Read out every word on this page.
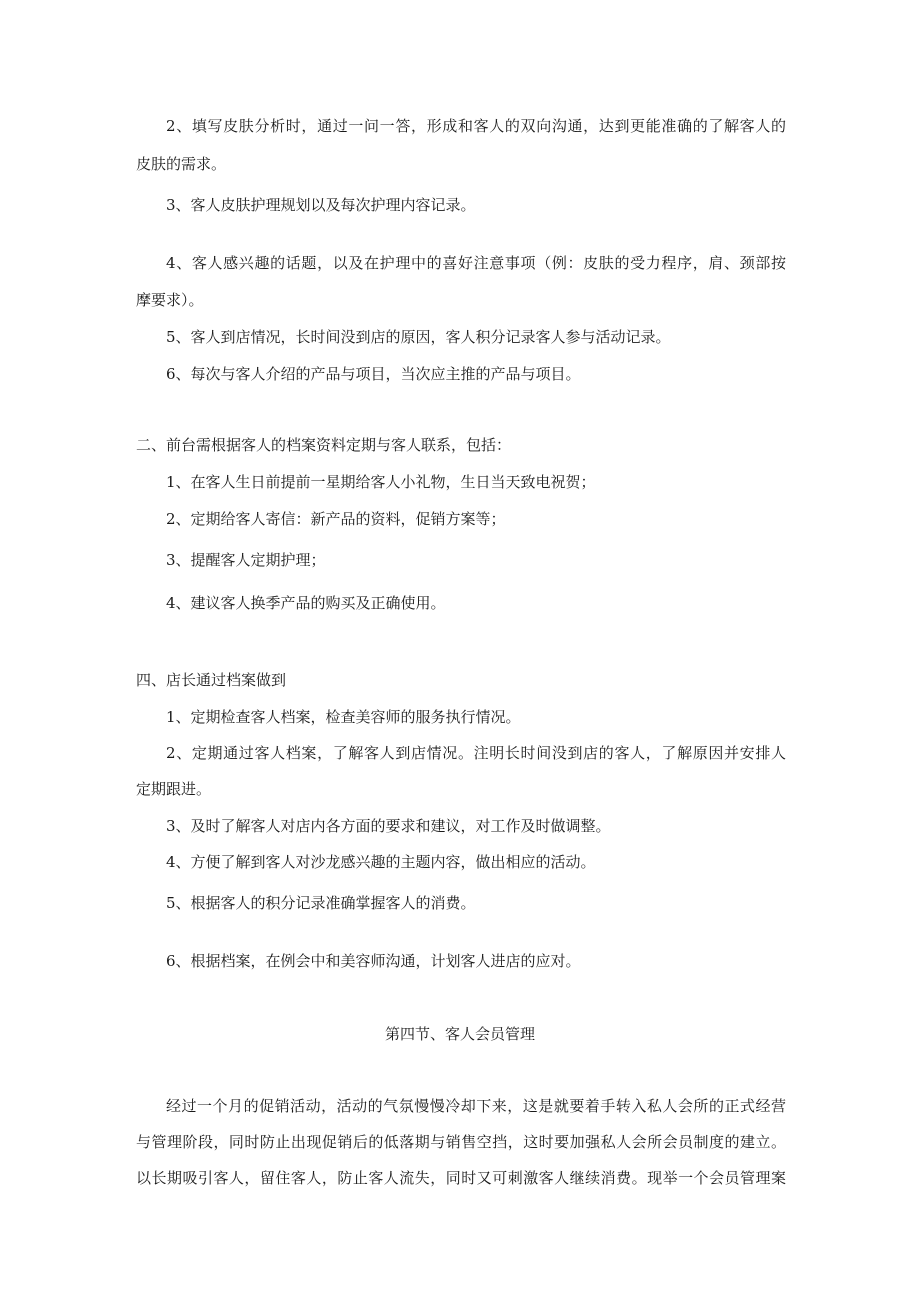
2、填写皮肤分析时，通过一问一答，形成和客人的双向沟通，达到更能准确的了解客人的
皮肤的需求。
3、客人皮肤护理规划以及每次护理内容记录。
4、客人感兴趣的话题，以及在护理中的喜好注意事项（例：皮肤的受力程序，肩、颈部按
摩要求）。
5、客人到店情况，长时间没到店的原因，客人积分记录客人参与活动记录。
6、每次与客人介绍的产品与项目，当次应主推的产品与项目。
二、前台需根据客人的档案资料定期与客人联系，包括：
1、在客人生日前提前一星期给客人小礼物，生日当天致电祝贺；
2、定期给客人寄信：新产品的资料，促销方案等；
3、提醒客人定期护理；
4、建议客人换季产品的购买及正确使用。
四、店长通过档案做到
1、定期检查客人档案，检查美容师的服务执行情况。
2、定期通过客人档案，了解客人到店情况。注明长时间没到店的客人，了解原因并安排人
定期跟进。
3、及时了解客人对店内各方面的要求和建议，对工作及时做调整。
4、方便了解到客人对沙龙感兴趣的主题内容，做出相应的活动。
5、根据客人的积分记录准确掌握客人的消费。
6、根据档案，在例会中和美容师沟通，计划客人进店的应对。
第四节、客人会员管理
经过一个月的促销活动，活动的气氛慢慢冷却下来，这是就要着手转入私人会所的正式经营
与管理阶段，同时防止出现促销后的低落期与销售空挡，这时要加强私人会所会员制度的建立。
以长期吸引客人，留住客人，防止客人流失，同时又可刺激客人继续消费。现举一个会员管理案
